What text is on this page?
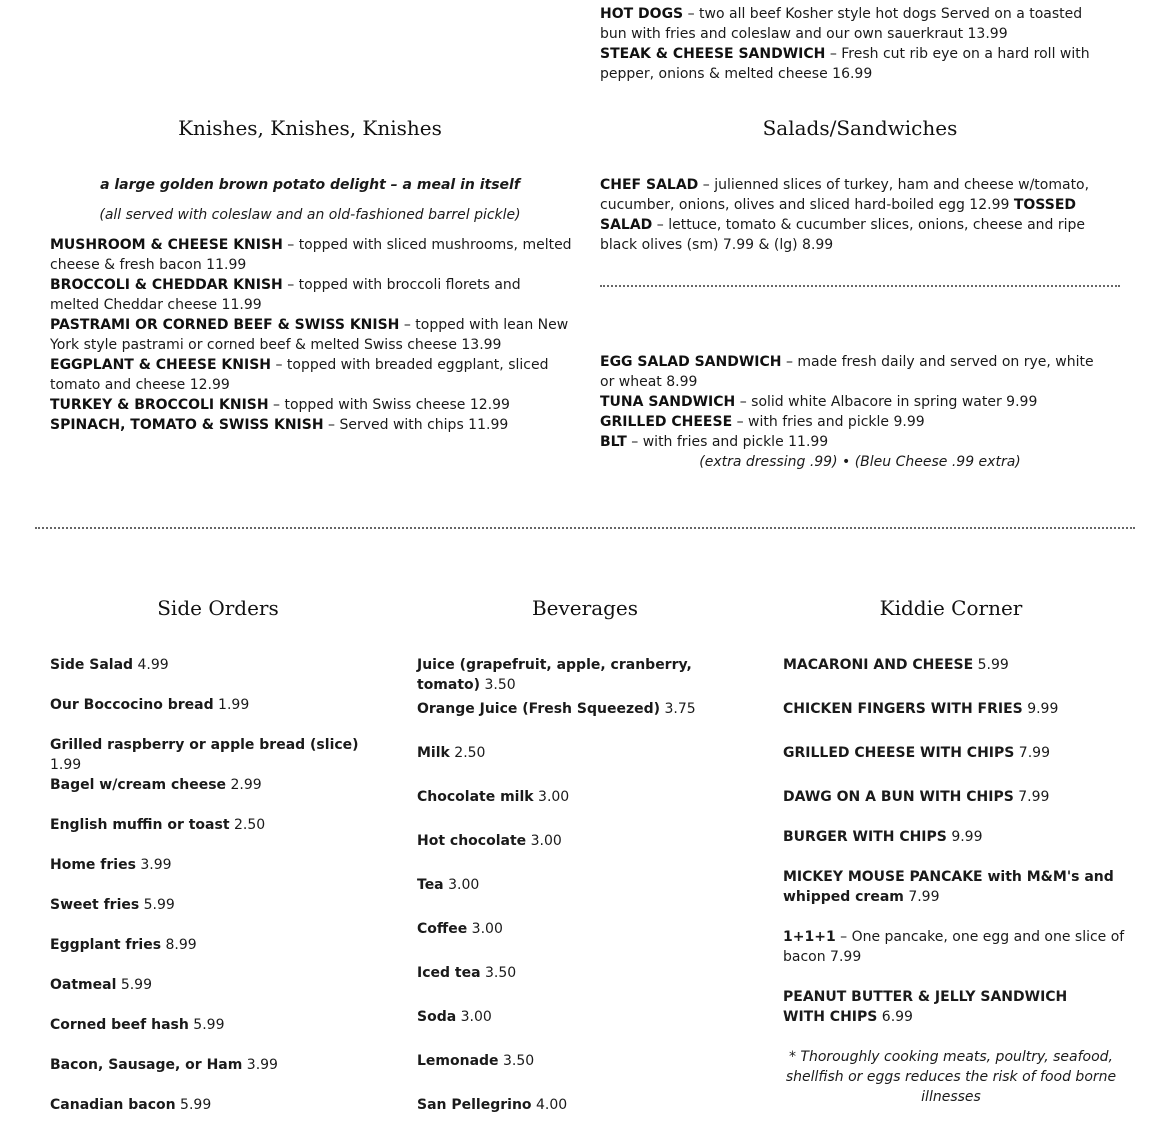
HOT DOGS – two all beef Kosher style hot dogs Served on a toasted bun with fries and coleslaw and our own sauerkraut 13.99

STEAK & CHEESE SANDWICH – Fresh cut rib eye on a hard roll with pepper, onions & melted cheese 16.99

Knishes, Knishes, Knishes

a large golden brown potato delight – a meal in itself

(all served with coleslaw and an old-fashioned barrel pickle)

MUSHROOM & CHEESE KNISH – topped with sliced mushrooms, melted cheese & fresh bacon 11.99

BROCCOLI & CHEDDAR KNISH – topped with broccoli florets and melted Cheddar cheese 11.99

PASTRAMI OR CORNED BEEF & SWISS KNISH – topped with lean New York style pastrami or corned beef & melted Swiss cheese 13.99

EGGPLANT & CHEESE KNISH – topped with breaded eggplant, sliced tomato and cheese 12.99

TURKEY & BROCCOLI KNISH – topped with Swiss cheese 12.99

SPINACH, TOMATO & SWISS KNISH – Served with chips 11.99

Salads/Sandwiches

CHEF SALAD – julienned slices of turkey, ham and cheese w/tomato, cucumber, onions, olives and sliced hard-boiled egg 12.99 TOSSED SALAD – lettuce, tomato & cucumber slices, onions, cheese and ripe black olives (sm) 7.99 & (lg) 8.99

EGG SALAD SANDWICH – made fresh daily and served on rye, white or wheat 8.99

TUNA SANDWICH – solid white Albacore in spring water 9.99

GRILLED CHEESE – with fries and pickle 9.99

BLT – with fries and pickle 11.99

(extra dressing .99) • (Bleu Cheese .99 extra)

Side Orders

Side Salad 4.99

Our Boccocino bread 1.99

Grilled raspberry or apple bread (slice) 1.99

Bagel w/cream cheese 2.99

English muffin or toast 2.50

Home fries 3.99

Sweet fries 5.99

Eggplant fries 8.99

Oatmeal 5.99

Corned beef hash 5.99

Bacon, Sausage, or Ham 3.99

Canadian bacon 5.99

Beverages

Juice (grapefruit, apple, cranberry, tomato) 3.50

Orange Juice (Fresh Squeezed) 3.75

Milk 2.50

Chocolate milk 3.00

Hot chocolate 3.00

Tea 3.00

Coffee 3.00

Iced tea 3.50

Soda 3.00

Lemonade 3.50

San Pellegrino 4.00

Kiddie Corner

MACARONI AND CHEESE 5.99

CHICKEN FINGERS WITH FRIES 9.99

GRILLED CHEESE WITH CHIPS 7.99

DAWG ON A BUN WITH CHIPS 7.99

BURGER WITH CHIPS 9.99

MICKEY MOUSE PANCAKE with M&M's and whipped cream 7.99

1+1+1 – One pancake, one egg and one slice of bacon 7.99

PEANUT BUTTER & JELLY SANDWICH WITH CHIPS 6.99

* Thoroughly cooking meats, poultry, seafood, shellfish or eggs reduces the risk of food borne illnesses
